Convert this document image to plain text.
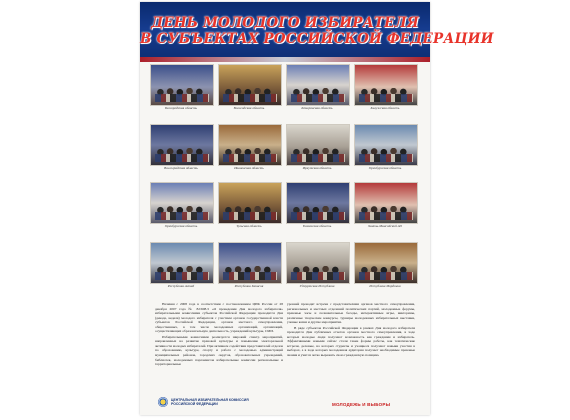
ДЕНЬ МОЛОДОГО ИЗБИРАТЕЛЯ
В СУБЪЕКТАХ РОССИЙСКОЙ ФЕДЕРАЦИИ
Белгородская область	Вологодская область	Кемеровская область	Калужская область
Волгоградская область	Ивановская область	Иркутская область	Оренбургская область
Оренбургская область	Тульская область	Тюменская область	Ханты-Мансийский АО
Республика Алтай	Республика Хакасия	Удмуртская Республика	Республика Мордовия

Начиная с 2008 года в соответствии с постановлением ЦИК России от 28 декабря 2007 года № 82/608-5 «О проведении Дня молодого избирателя» избирательными комиссиями субъектов Российской Федерации проводится Дня (декада, неделя) молодого избирателя с участием органов государственной власти субъектов Российской Федерации, органов местного самоуправления, общественных, в том числе молодежных организаций, организаций, осуществляющих образовательную деятельность, учреждений культуры, СМИ.

Избирательными комиссиями реализуется широкий спектр мероприятий, направленных на развитие правовой культуры и повышение электоральной активности молодых избирателей. При активном содействии представителей отделов по образованию, культуре, спорту и работе с молодежью администраций муниципальных районов, городских округов, образовательных учреждений, библиотек, молодежных парламентов избирательные комиссии региональные и территориальные

уровней проводят встречи с представителями органов местного самоуправления, региональных и местных отделений политических партий, молодежные форумы, правовые часы и познавательные беседы, интерактивные игры, викторины, различные творческие конкурсы, турниры молодежных избирательных выставки, ученые казни и другие мероприятия.

В ряде субъектов Российской Федерации в рамках Дня молодого избирателя проводятся Дни публичных отчетов органов местного самоуправления, в ходе которых молодые люди получают возможность как гражданин и избиратель. Эффективными новыми сейчас стали такие формы работы, как тематические встречи, деловые, на которых студенты и учащиеся получают навыки участия в выборах, а в ходе которых молодежная аудитория получает необходимые правовые знания и учится четко выражать свою гражданскую позицию.

ЦЕНТРАЛЬНАЯ ИЗБИРАТЕЛЬНАЯ КОМИССИЯ
РОССИЙСКОЙ ФЕДЕРАЦИИ	МОЛОДЕЖЬ И ВЫБОРЫ
